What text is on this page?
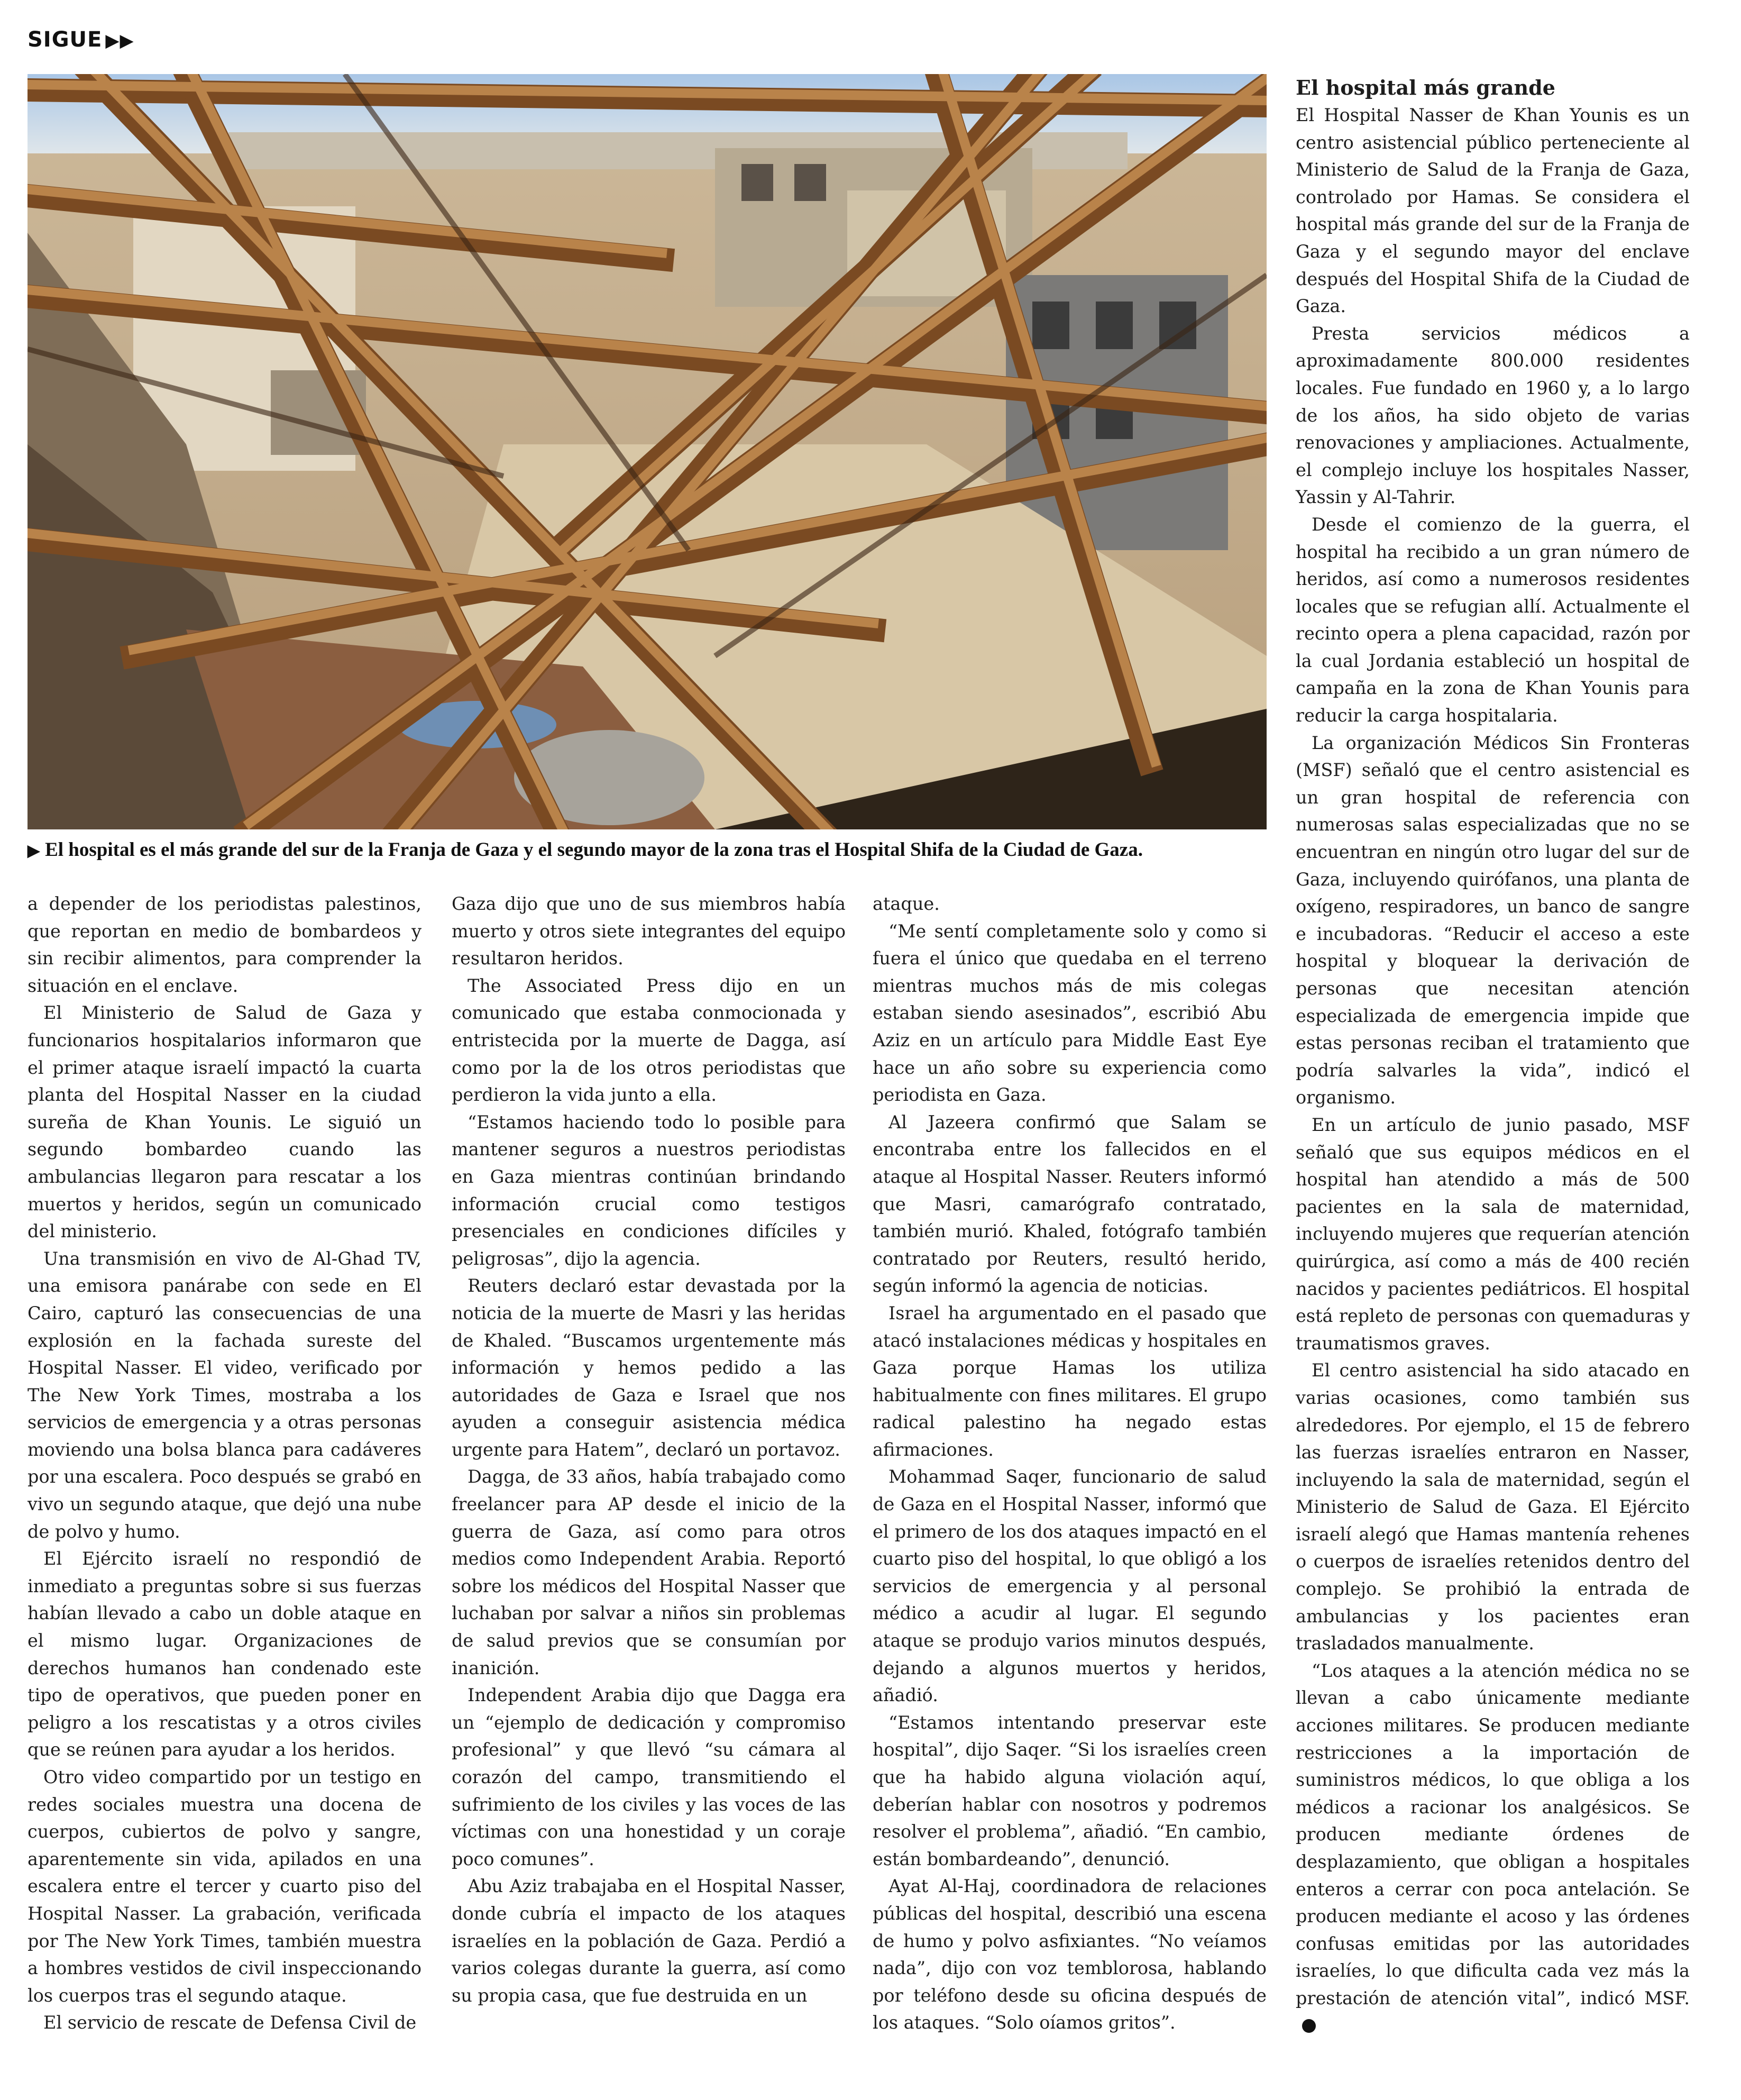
SIGUE ▶▶
▶ El hospital es el más grande del sur de la Franja de Gaza y el segundo mayor de la zona tras el Hospital Shifa de la Ciudad de Gaza.

a depender de los periodistas palestinos, que reportan en medio de bombardeos y sin recibir alimentos, para comprender la situación en el enclave.

El Ministerio de Salud de Gaza y funcionarios hospitalarios informaron que el primer ataque israelí impactó la cuarta planta del Hospital Nasser en la ciudad sureña de Khan Younis. Le siguió un segundo bombardeo cuando las ambulancias llegaron para rescatar a los muertos y heridos, según un comunicado del ministerio.

Una transmisión en vivo de Al-Ghad TV, una emisora panárabe con sede en El Cairo, capturó las consecuencias de una explosión en la fachada sureste del Hospital Nasser. El video, verificado por The New York Times, mostraba a los servicios de emergencia y a otras personas moviendo una bolsa blanca para cadáveres por una escalera. Poco después se grabó en vivo un segundo ataque, que dejó una nube de polvo y humo.

El Ejército israelí no respondió de inmediato a preguntas sobre si sus fuerzas habían llevado a cabo un doble ataque en el mismo lugar. Organizaciones de derechos humanos han condenado este tipo de operativos, que pueden poner en peligro a los rescatistas y a otros civiles que se reúnen para ayudar a los heridos.

Otro video compartido por un testigo en redes sociales muestra una docena de cuerpos, cubiertos de polvo y sangre, aparentemente sin vida, apilados en una escalera entre el tercer y cuarto piso del Hospital Nasser. La grabación, verificada por The New York Times, también muestra a hombres vestidos de civil inspeccionando los cuerpos tras el segundo ataque.

El servicio de rescate de Defensa Civil de

Gaza dijo que uno de sus miembros había muerto y otros siete integrantes del equipo resultaron heridos.

The Associated Press dijo en un comunicado que estaba conmocionada y entristecida por la muerte de Dagga, así como por la de los otros periodistas que perdieron la vida junto a ella.

“Estamos haciendo todo lo posible para mantener seguros a nuestros periodistas en Gaza mientras continúan brindando información crucial como testigos presenciales en condiciones difíciles y peligrosas”, dijo la agencia.

Reuters declaró estar devastada por la noticia de la muerte de Masri y las heridas de Khaled. “Buscamos urgentemente más información y hemos pedido a las autoridades de Gaza e Israel que nos ayuden a conseguir asistencia médica urgente para Hatem”, declaró un portavoz.

Dagga, de 33 años, había trabajado como freelancer para AP desde el inicio de la guerra de Gaza, así como para otros medios como Independent Arabia. Reportó sobre los médicos del Hospital Nasser que luchaban por salvar a niños sin problemas de salud previos que se consumían por inanición.

Independent Arabia dijo que Dagga era un “ejemplo de dedicación y compromiso profesional” y que llevó “su cámara al corazón del campo, transmitiendo el sufrimiento de los civiles y las voces de las víctimas con una honestidad y un coraje poco comunes”.

Abu Aziz trabajaba en el Hospital Nasser, donde cubría el impacto de los ataques israelíes en la población de Gaza. Perdió a varios colegas durante la guerra, así como su propia casa, que fue destruida en un

ataque.

“Me sentí completamente solo y como si fuera el único que quedaba en el terreno mientras muchos más de mis colegas estaban siendo asesinados”, escribió Abu Aziz en un artículo para Middle East Eye hace un año sobre su experiencia como periodista en Gaza.

Al Jazeera confirmó que Salam se encontraba entre los fallecidos en el ataque al Hospital Nasser. Reuters informó que Masri, camarógrafo contratado, también murió. Khaled, fotógrafo también contratado por Reuters, resultó herido, según informó la agencia de noticias.

Israel ha argumentado en el pasado que atacó instalaciones médicas y hospitales en Gaza porque Hamas los utiliza habitualmente con fines militares. El grupo radical palestino ha negado estas afirmaciones.

Mohammad Saqer, funcionario de salud de Gaza en el Hospital Nasser, informó que el primero de los dos ataques impactó en el cuarto piso del hospital, lo que obligó a los servicios de emergencia y al personal médico a acudir al lugar. El segundo ataque se produjo varios minutos después, dejando a algunos muertos y heridos, añadió.

“Estamos intentando preservar este hospital”, dijo Saqer. “Si los israelíes creen que ha habido alguna violación aquí, deberían hablar con nosotros y podremos resolver el problema”, añadió. “En cambio, están bombardeando”, denunció.

Ayat Al-Haj, coordinadora de relaciones públicas del hospital, describió una escena de humo y polvo asfixiantes. “No veíamos nada”, dijo con voz temblorosa, hablando por teléfono desde su oficina después de los ataques. “Solo oíamos gritos”.

El hospital más grande

El Hospital Nasser de Khan Younis es un centro asistencial público perteneciente al Ministerio de Salud de la Franja de Gaza, controlado por Hamas. Se considera el hospital más grande del sur de la Franja de Gaza y el segundo mayor del enclave después del Hospital Shifa de la Ciudad de Gaza.

Presta servicios médicos a aproximadamente 800.000 residentes locales. Fue fundado en 1960 y, a lo largo de los años, ha sido objeto de varias renovaciones y ampliaciones. Actualmente, el complejo incluye los hospitales Nasser, Yassin y Al-Tahrir.

Desde el comienzo de la guerra, el hospital ha recibido a un gran número de heridos, así como a numerosos residentes locales que se refugian allí. Actualmente el recinto opera a plena capacidad, razón por la cual Jordania estableció un hospital de campaña en la zona de Khan Younis para reducir la carga hospitalaria.

La organización Médicos Sin Fronteras (MSF) señaló que el centro asistencial es un gran hospital de referencia con numerosas salas especializadas que no se encuentran en ningún otro lugar del sur de Gaza, incluyendo quirófanos, una planta de oxígeno, respiradores, un banco de sangre e incubadoras. “Reducir el acceso a este hospital y bloquear la derivación de personas que necesitan atención especializada de emergencia impide que estas personas reciban el tratamiento que podría salvarles la vida”, indicó el organismo.

En un artículo de junio pasado, MSF señaló que sus equipos médicos en el hospital han atendido a más de 500 pacientes en la sala de maternidad, incluyendo mujeres que requerían atención quirúrgica, así como a más de 400 recién nacidos y pacientes pediátricos. El hospital está repleto de personas con quemaduras y traumatismos graves.

El centro asistencial ha sido atacado en varias ocasiones, como también sus alrededores. Por ejemplo, el 15 de febrero las fuerzas israelíes entraron en Nasser, incluyendo la sala de maternidad, según el Ministerio de Salud de Gaza. El Ejército israelí alegó que Hamas mantenía rehenes o cuerpos de israelíes retenidos dentro del complejo. Se prohibió la entrada de ambulancias y los pacientes eran trasladados manualmente.

“Los ataques a la atención médica no se llevan a cabo únicamente mediante acciones militares. Se producen mediante restricciones a la importación de suministros médicos, lo que obliga a los médicos a racionar los analgésicos. Se producen mediante órdenes de desplazamiento, que obligan a hospitales enteros a cerrar con poca antelación. Se producen mediante el acoso y las órdenes confusas emitidas por las autoridades israelíes, lo que dificulta cada vez más la prestación de atención vital”, indicó MSF.
